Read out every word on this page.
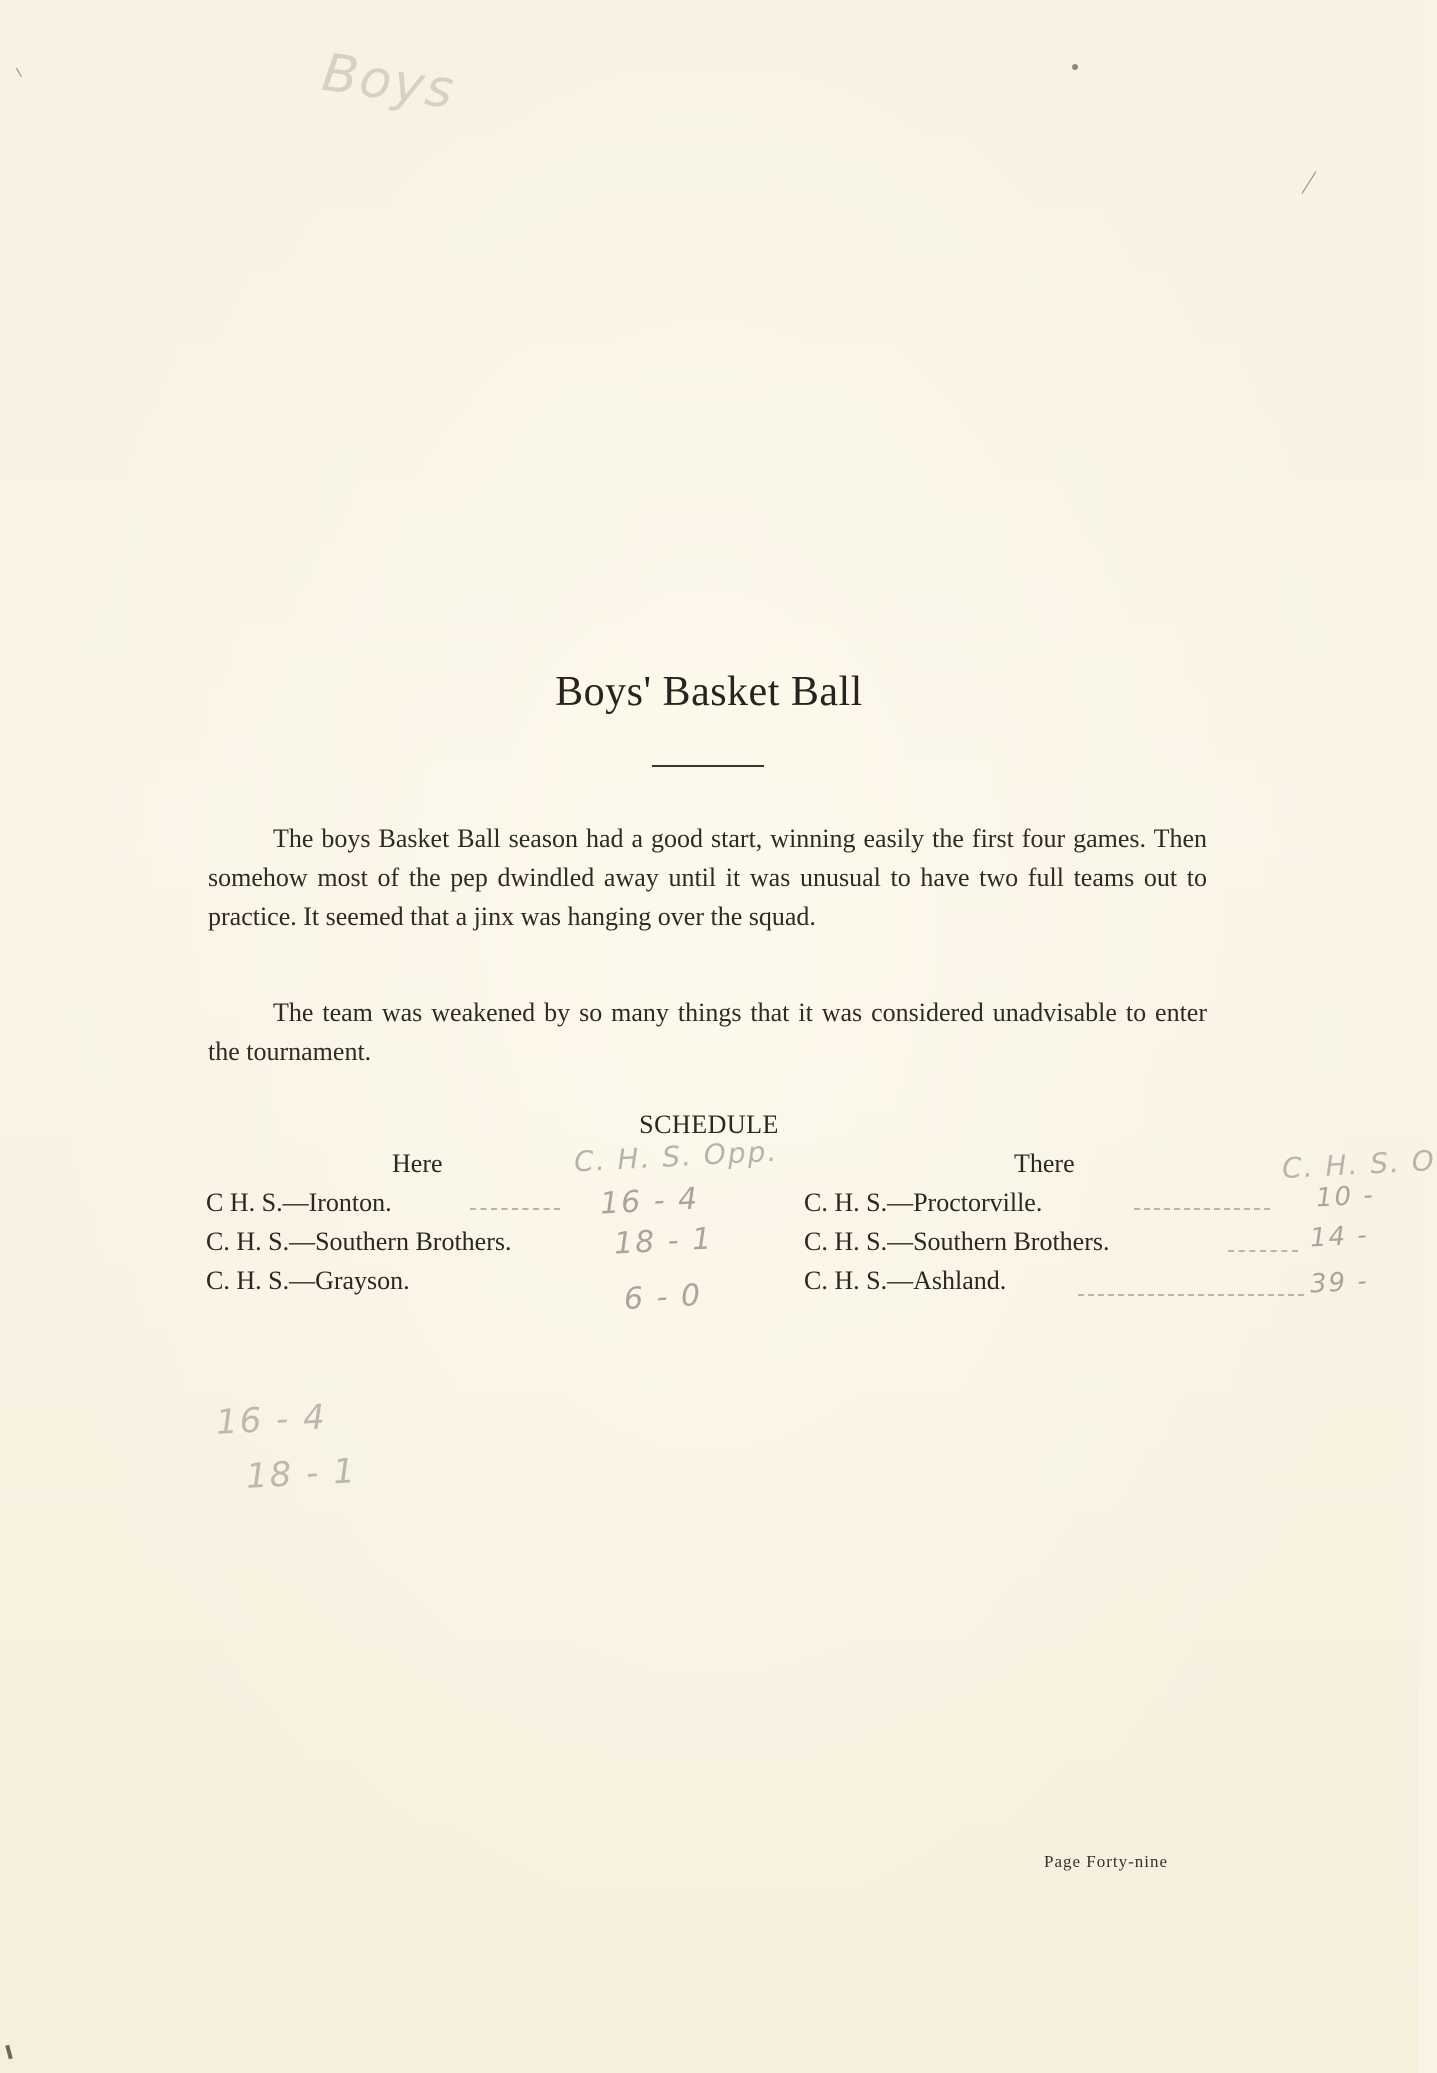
Boys
Boys' Basket Ball

The boys Basket Ball season had a good start, winning easily the first four games. Then somehow most of the pep dwindled away until it was unusual to have two full teams out to practice. It seemed that a jinx was hanging over the squad.

The team was weakened by so many things that it was considered unadvisable to enter the tournament.

SCHEDULE
Here	There
C H. S.—Ironton.
C. H. S.—Southern Brothers.
C. H. S.—Grayson.
C. H. S.—Proctorville.
C. H. S.—Southern Brothers.
C. H. S.—Ashland.
C. H. S. Opp.
16 - 4
18 - 1
6 - 0
C. H. S. O
10 -
14 -
39 -
16 - 4
18 - 1
Page Forty-nine
